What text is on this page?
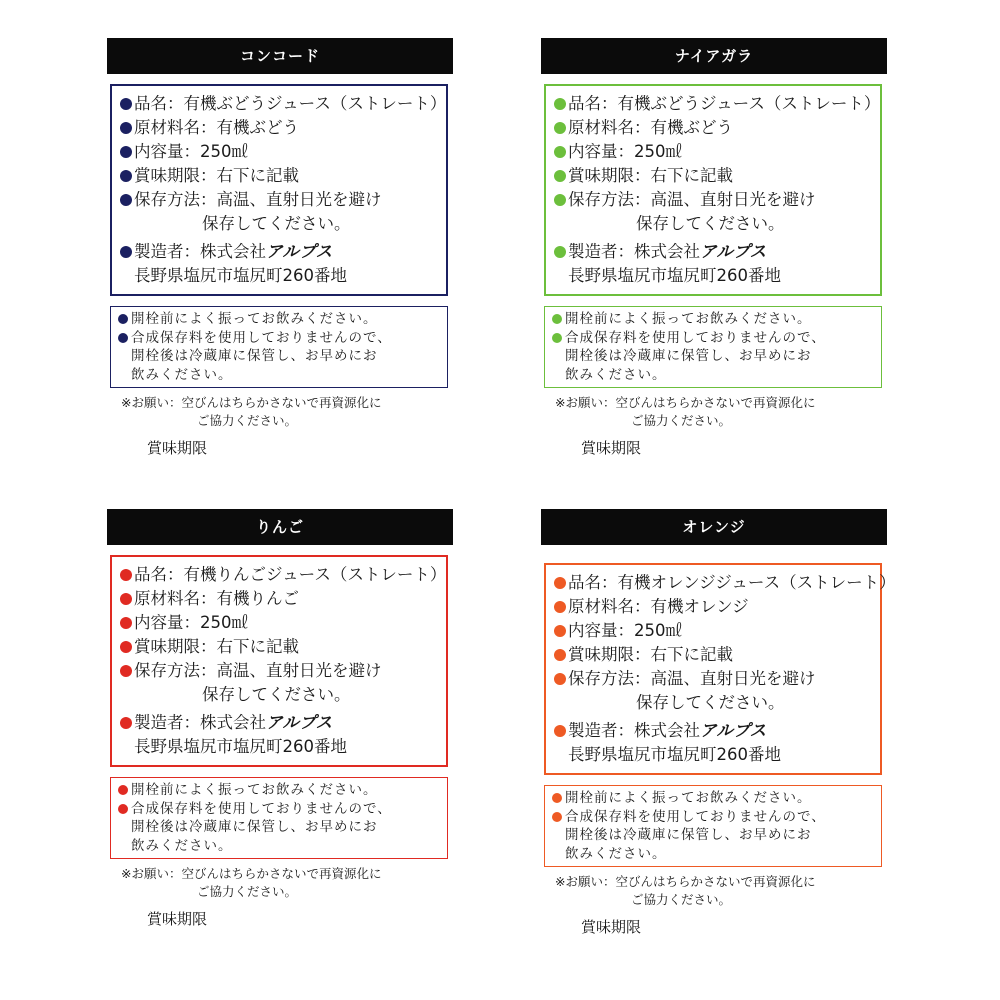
コンコード
品名：有機ぶどうジュース（ストレート）
原材料名：有機ぶどう
内容量：250㎖
賞味期限：右下に記載
保存方法：高温、直射日光を避け
保存してください。
製造者：株式会社アルプス
長野県塩尻市塩尻町260番地
開栓前によく振ってお飲みください。
合成保存料を使用しておりませんので、
開栓後は冷蔵庫に保管し、お早めにお
飲みください。
※お願い：空びんはちらかさないで再資源化に
ご協力ください。
賞味期限
ナイアガラ
品名：有機ぶどうジュース（ストレート）
原材料名：有機ぶどう
内容量：250㎖
賞味期限：右下に記載
保存方法：高温、直射日光を避け
保存してください。
製造者：株式会社アルプス
長野県塩尻市塩尻町260番地
開栓前によく振ってお飲みください。
合成保存料を使用しておりませんので、
開栓後は冷蔵庫に保管し、お早めにお
飲みください。
※お願い：空びんはちらかさないで再資源化に
ご協力ください。
賞味期限
りんご
品名：有機りんごジュース（ストレート）
原材料名：有機りんご
内容量：250㎖
賞味期限：右下に記載
保存方法：高温、直射日光を避け
保存してください。
製造者：株式会社アルプス
長野県塩尻市塩尻町260番地
開栓前によく振ってお飲みください。
合成保存料を使用しておりませんので、
開栓後は冷蔵庫に保管し、お早めにお
飲みください。
※お願い：空びんはちらかさないで再資源化に
ご協力ください。
賞味期限
オレンジ
品名：有機オレンジジュース（ストレート）
原材料名：有機オレンジ
内容量：250㎖
賞味期限：右下に記載
保存方法：高温、直射日光を避け
保存してください。
製造者：株式会社アルプス
長野県塩尻市塩尻町260番地
開栓前によく振ってお飲みください。
合成保存料を使用しておりませんので、
開栓後は冷蔵庫に保管し、お早めにお
飲みください。
※お願い：空びんはちらかさないで再資源化に
ご協力ください。
賞味期限
